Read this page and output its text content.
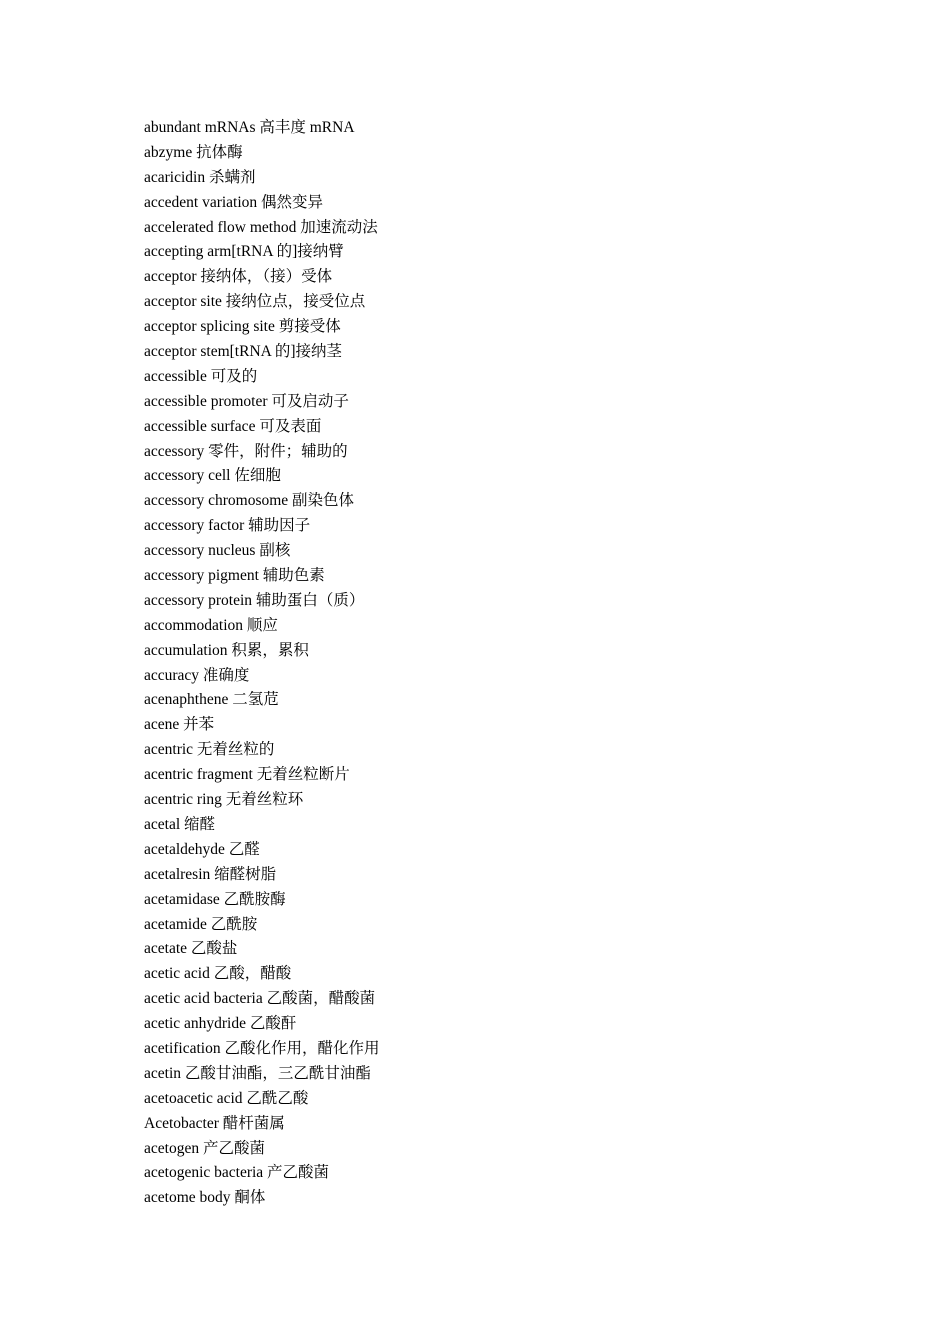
abundant mRNAs 高丰度 mRNA
abzyme 抗体酶
acaricidin 杀螨剂
accedent variation 偶然变异
accelerated flow method 加速流动法
accepting arm[tRNA 的]接纳臂
acceptor 接纳体，（接）受体
acceptor site 接纳位点，接受位点
acceptor splicing site 剪接受体
acceptor stem[tRNA 的]接纳茎
accessible 可及的
accessible promoter 可及启动子
accessible surface 可及表面
accessory 零件，附件；辅助的
accessory cell 佐细胞
accessory chromosome 副染色体
accessory factor 辅助因子
accessory nucleus 副核
accessory pigment 辅助色素
accessory protein 辅助蛋白（质）
accommodation 顺应
accumulation 积累，累积
accuracy 准确度
acenaphthene 二氢苊
acene 并苯
acentric 无着丝粒的
acentric fragment 无着丝粒断片
acentric ring 无着丝粒环
acetal 缩醛
acetaldehyde 乙醛
acetalresin 缩醛树脂
acetamidase 乙酰胺酶
acetamide 乙酰胺
acetate 乙酸盐
acetic acid 乙酸，醋酸
acetic acid bacteria 乙酸菌，醋酸菌
acetic anhydride 乙酸酐
acetification 乙酸化作用，醋化作用
acetin 乙酸甘油酯，三乙酰甘油酯
acetoacetic acid 乙酰乙酸
Acetobacter 醋杆菌属
acetogen 产乙酸菌
acetogenic bacteria 产乙酸菌
acetome body 酮体
